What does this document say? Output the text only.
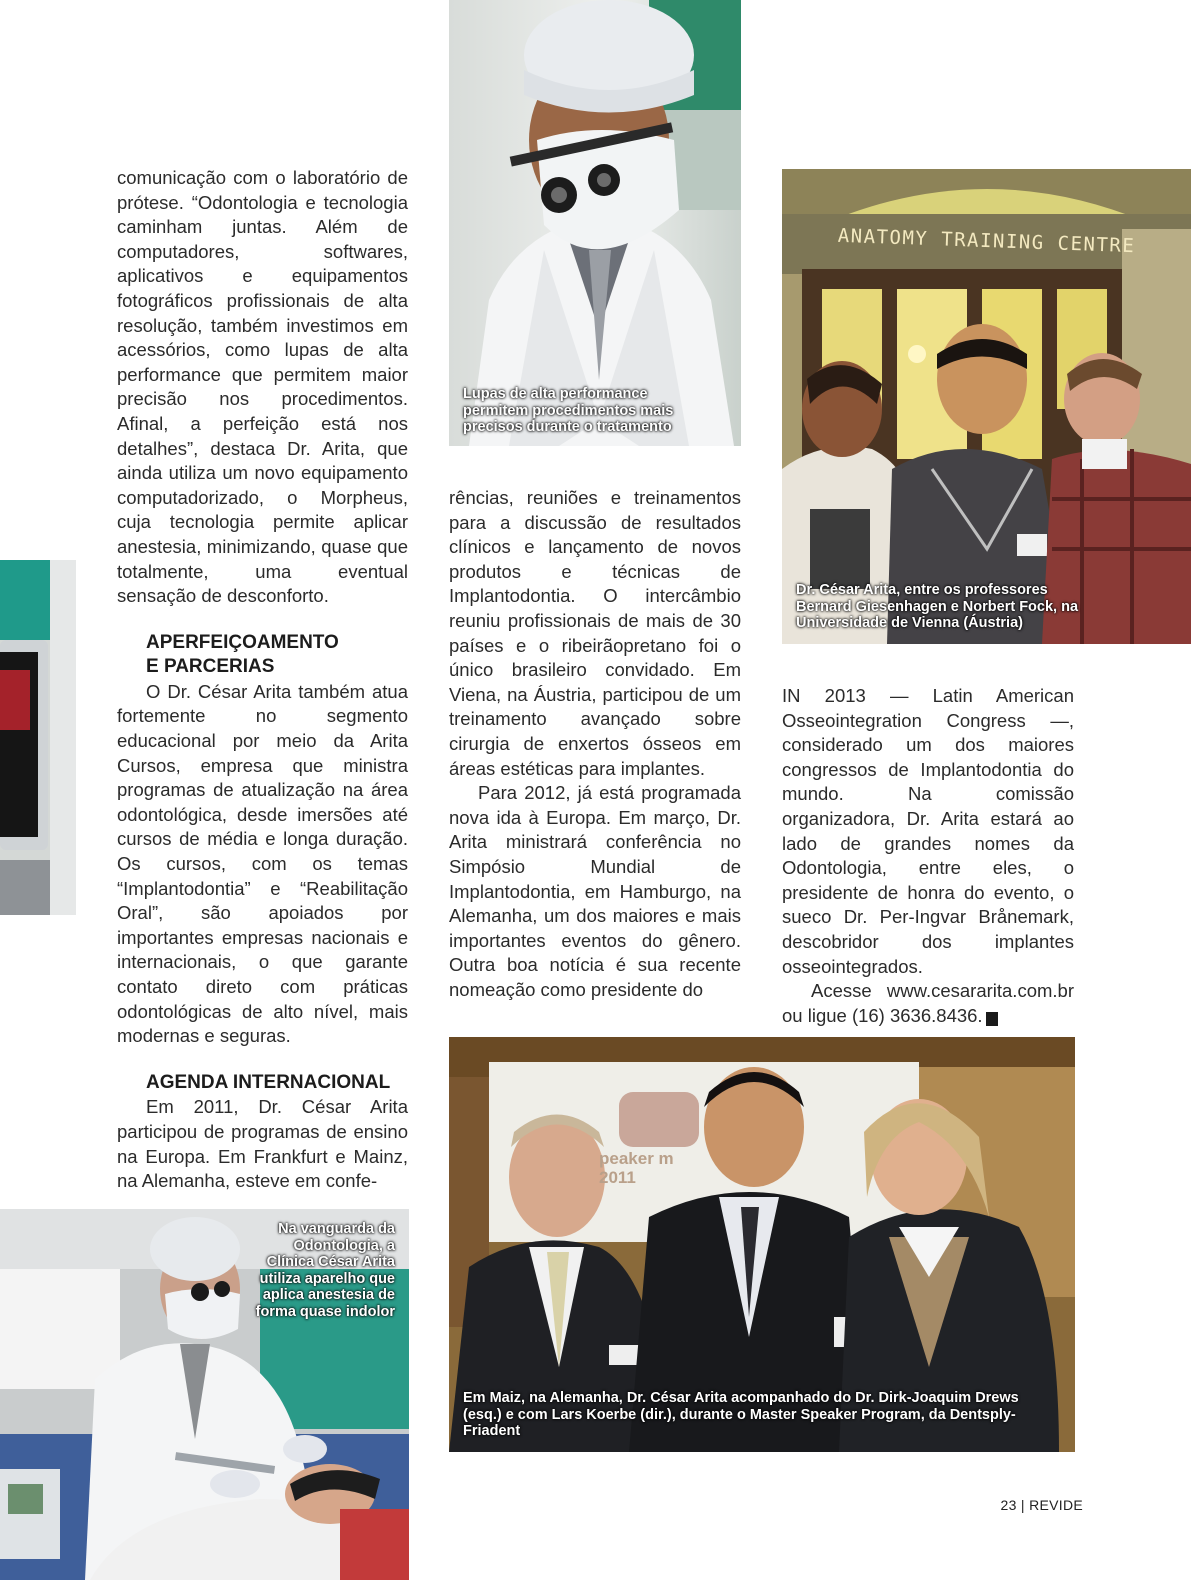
Lupas de alta performance permitem procedimentos mais precisos durante o tratamento
ANATOMY TRAINING CENTRE
Dr. César Arita, entre os professores Bernard Giesenhagen e Norbert Fock, na Universidade de Vienna (Áustria)
Na vanguarda da Odontologia, a Clínica César Arita utiliza aparelho que aplica anestesia de forma quase indolor
peaker m 2011
Em Maiz, na Alemanha, Dr. César Arita acompanhado do Dr. Dirk-Joaquim Drews (esq.) e com Lars Koerbe (dir.), durante o Master Speaker Program, da Dentsply-Friadent

comunicação com o laboratório de prótese. “Odontologia e tecnologia caminham juntas. Além de computadores, softwares, aplicativos e equipamentos fotográficos profissionais de alta resolução, também investimos em acessórios, como lupas de alta performance que permitem maior precisão nos procedimentos. Afinal, a perfeição está nos detalhes”, destaca Dr. Arita, que ainda utiliza um novo equipamento computadorizado, o Morpheus, cuja tecnologia permite aplicar anestesia, minimizando, quase que totalmente, uma eventual sensação de desconforto.

APERFEIÇOAMENTO
E PARCERIAS

O Dr. César Arita também atua fortemente no segmento educacional por meio da Arita Cursos, empresa que ministra programas de atualização na área odontológica, desde imersões até cursos de média e longa duração. Os cursos, com os temas “Implantodontia” e “Reabilitação Oral”, são apoiados por importantes empresas nacionais e internacionais, o que garante contato direto com práticas odontológicas de alto nível, mais modernas e seguras.

AGENDA INTERNACIONAL

Em 2011, Dr. César Arita participou de programas de ensino na Europa. Em Frankfurt e Mainz, na Alemanha, esteve em confe-

rências, reuniões e treinamentos para a discussão de resultados clínicos e lançamento de novos produtos e técnicas de Implantodontia. O intercâmbio reuniu profissionais de mais de 30 países e o ribeirãopretano foi o único brasileiro convidado. Em Viena, na Áustria, participou de um treinamento avançado sobre cirurgia de enxertos ósseos em áreas estéticas para implantes.

Para 2012, já está programada nova ida à Europa. Em março, Dr. Arita ministrará conferência no Simpósio Mundial de Implantodontia, em Hamburgo, na Alemanha, um dos maiores e mais importantes eventos do gênero. Outra boa notícia é sua recente nomeação como presidente do

IN 2013 — Latin American Osseointegration Congress —, considerado um dos maiores congressos de Implantodontia do mundo. Na comissão organizadora, Dr. Arita estará ao lado de grandes nomes da Odontologia, entre eles, o presidente de honra do evento, o sueco Dr. Per-Ingvar Brånemark, descobridor dos implantes osseointegrados.

Acesse www.cesararita.com.br ou ligue (16) 3636.8436.	r

23 | REVIDE
